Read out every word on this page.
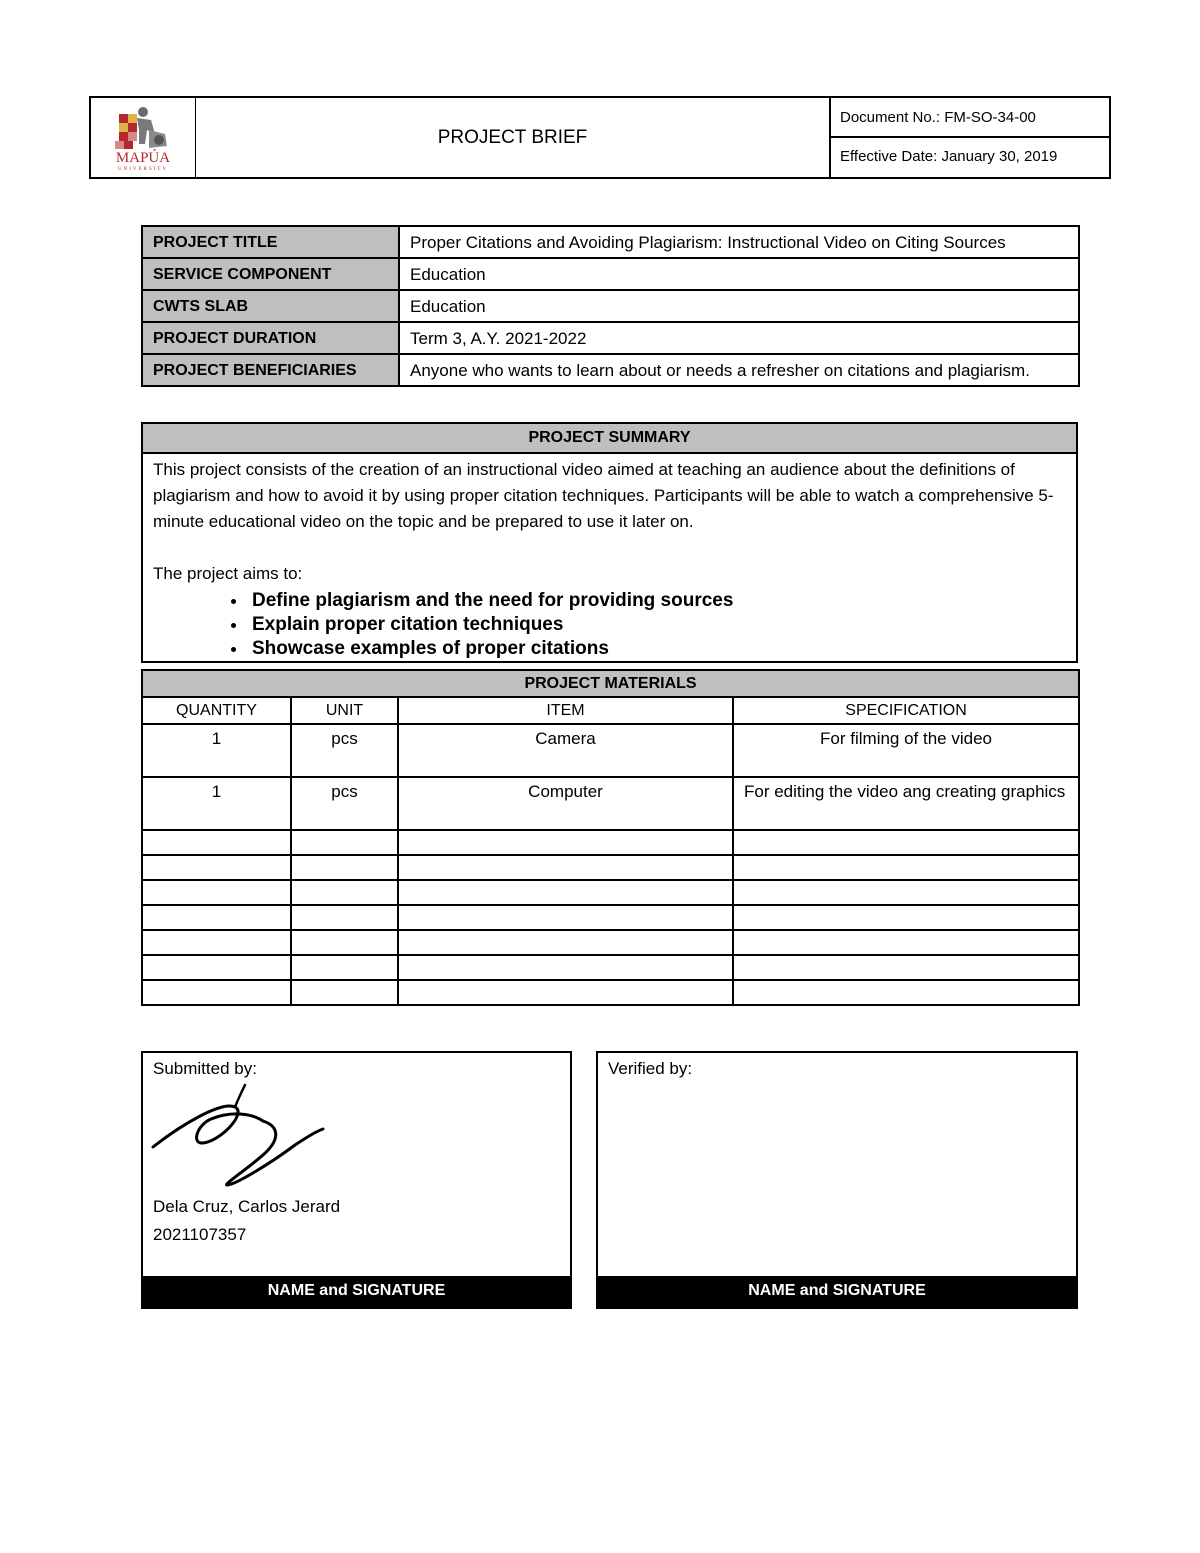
MAPÚA
UNIVERSITY
PROJECT BRIEF
Document No.: FM-SO-34-00
Effective Date: January 30, 2019
PROJECT TITLE	Proper Citations and Avoiding Plagiarism: Instructional Video on Citing Sources
SERVICE COMPONENT	Education
CWTS SLAB	Education
PROJECT DURATION	Term 3, A.Y. 2021-2022
PROJECT BENEFICIARIES	Anyone who wants to learn about or needs a refresher on citations and plagiarism.
PROJECT SUMMARY

This project consists of the creation of an instructional video aimed at teaching an audience about the definitions of plagiarism and how to avoid it by using proper citation techniques. Participants will be able to watch a comprehensive 5-minute educational video on the topic and be prepared to use it later on.

The project aims to:

• Define plagiarism and the need for providing sources
• Explain proper citation techniques
• Showcase examples of proper citations
PROJECT MATERIALS			
QUANTITY	UNIT	ITEM	SPECIFICATION
1	pcs	Camera	For filming of the video
1	pcs	Computer	For editing the video ang creating graphics

Submitted by:
Dela Cruz, Carlos Jerard
2021107357
NAME and SIGNATURE
Verified by:
NAME and SIGNATURE
